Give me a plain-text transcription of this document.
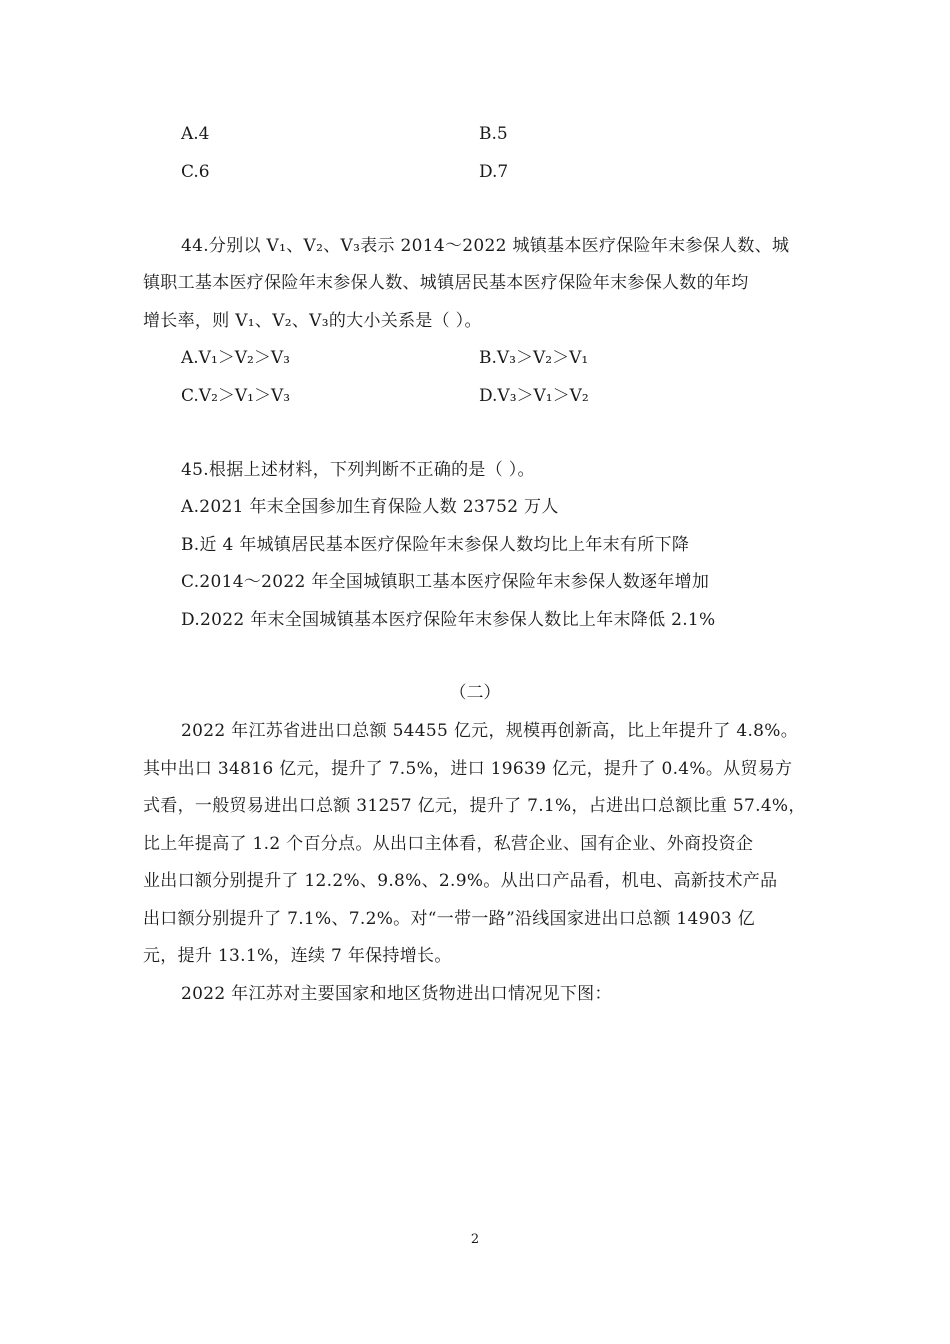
A.4	B.5
C.6	D.7
44.分别以 V₁、V₂、V₃表示 2014～2022 城镇基本医疗保险年末参保人数、城
镇职工基本医疗保险年末参保人数、城镇居民基本医疗保险年末参保人数的年均
增长率，则 V₁、V₂、V₃的大小关系是（ ）。
A.V₁＞V₂＞V₃	B.V₃＞V₂＞V₁
C.V₂＞V₁＞V₃	D.V₃＞V₁＞V₂
45.根据上述材料，下列判断不正确的是（ ）。
A.2021 年末全国参加生育保险人数 23752 万人
B.近 4 年城镇居民基本医疗保险年末参保人数均比上年末有所下降
C.2014～2022 年全国城镇职工基本医疗保险年末参保人数逐年增加
D.2022 年末全国城镇基本医疗保险年末参保人数比上年末降低 2.1%
（二）
2022 年江苏省进出口总额 54455 亿元，规模再创新高，比上年提升了 4.8%。
其中出口 34816 亿元，提升了 7.5%，进口 19639 亿元，提升了 0.4%。从贸易方
式看，一般贸易进出口总额 31257 亿元，提升了 7.1%，占进出口总额比重 57.4%，
比上年提高了 1.2 个百分点。从出口主体看，私营企业、国有企业、外商投资企
业出口额分别提升了 12.2%、9.8%、2.9%。从出口产品看，机电、高新技术产品
出口额分别提升了 7.1%、7.2%。对“一带一路”沿线国家进出口总额 14903 亿
元，提升 13.1%，连续 7 年保持增长。
2022 年江苏对主要国家和地区货物进出口情况见下图：
2
